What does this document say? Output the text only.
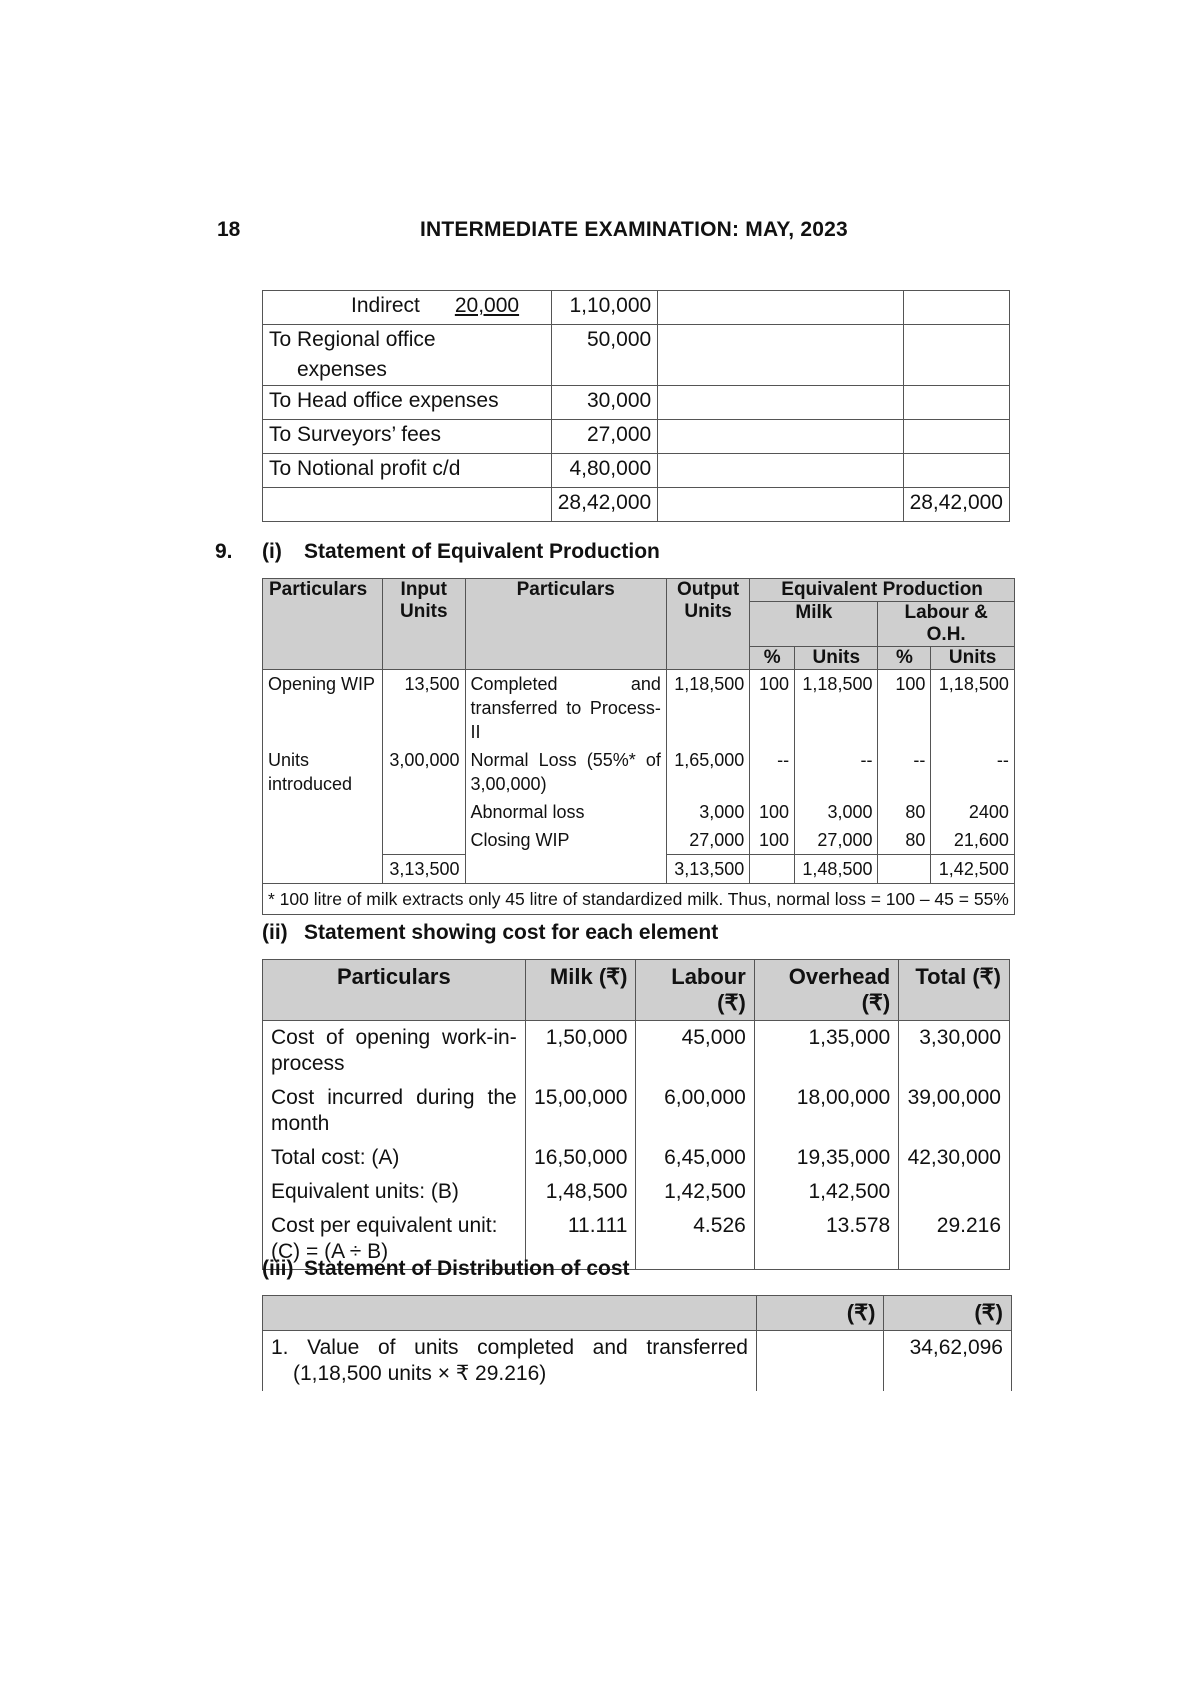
18	INTERMEDIATE EXAMINATION: MAY, 2023
Indirect 20,000	1,10,000		

To Regional office
expenses	50,000		
To Head office expenses	30,000		
To Surveyors’ fees	27,000		
To Notional profit c/d	4,80,000		
	28,42,000		28,42,000
9. (i) Statement of Equivalent Production
Particulars	Input Units	Particulars	Output Units	Equivalent Production			
				Milk		Labour & O.H.	
				%	Units	%	Units
Opening WIP	13,500	Completed and transferred to Process-II	1,18,500	100	1,18,500	100	1,18,500
Units introduced	3,00,000	Normal Loss (55%* of 3,00,000)	1,65,000	--	--	--	--
		Abnormal loss	3,000	100	3,000	80	2400
		Closing WIP	27,000	100	27,000	80	21,600
	3,13,500		3,13,500		1,48,500		1,42,500
* 100 litre of milk extracts only 45 litre of standardized milk. Thus, normal loss = 100 – 45 = 55%							
(ii) Statement showing cost for each element
Particulars	Milk (₹)	Labour (₹)	Overhead (₹)	Total (₹)
Cost of opening work-in-process	1,50,000	45,000	1,35,000	3,30,000
Cost incurred during the month	15,00,000	6,00,000	18,00,000	39,00,000
Total cost: (A)	16,50,000	6,45,000	19,35,000	42,30,000
Equivalent units: (B)	1,48,500	1,42,500	1,42,500	
Cost per equivalent unit: (C) = (A ÷ B)	11.111	4.526	13.578	29.216
(iii) Statement of Distribution of cost
	(₹)	(₹)
1. Value of units completed and transferred (1,18,500 units × ₹ 29.216)		34,62,096
